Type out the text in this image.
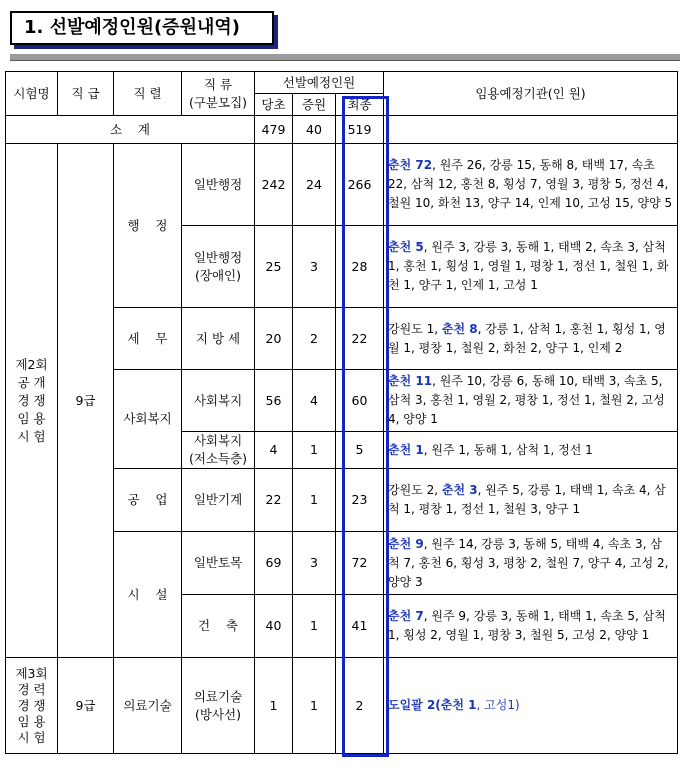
1. 선발예정인원(증원내역)
시험명	직 급	직 렬	직 류
(구분모집)	선발예정인원			임용예정기관(인 원)
				당초	증원	최종	
소    계				479	40	519	
제2회
공 개
경 쟁
임 용
시 험	9급	행    정	일반행정	242	24	266	춘천 72, 원주 26, 강릉 15, 동해 8, 태백 17, 속초 22, 삼척 12, 홍천 8, 횡성 7, 영월 3, 평창 5, 정선 4, 철원 10, 화천 13, 양구 14, 인제 10, 고성 15, 양양 5
			일반행정
(장애인)	25	3	28	춘천 5, 원주 3, 강릉 3, 동해 1, 태백 2, 속초 3, 삼척 1, 홍천 1, 횡성 1, 영월 1, 평창 1, 정선 1, 철원 1, 화천 1, 양구 1, 인제 1, 고성 1
		세    무	지 방 세	20	2	22	강원도 1, 춘천 8, 강릉 1, 삼척 1, 홍천 1, 횡성 1, 영월 1, 평창 1, 철원 2, 화천 2, 양구 1, 인제 2
		사회복지	사회복지	56	4	60	춘천 11, 원주 10, 강릉 6, 동해 10, 태백 3, 속초 5, 삼척 3, 홍천 1, 영월 2, 평창 1, 정선 1, 철원 2, 고성 4, 양양 1
			사회복지
(저소득층)	4	1	5	춘천 1, 원주 1, 동해 1, 삼척 1, 정선 1
		공    업	일반기계	22	1	23	강원도 2, 춘천 3, 원주 5, 강릉 1, 태백 1, 속초 4, 삼척 1, 평창 1, 정선 1, 철원 3, 양구 1
		시    설	일반토목	69	3	72	춘천 9, 원주 14, 강릉 3, 동해 5, 태백 4, 속초 3, 삼척 7, 홍천 6, 횡성 3, 평창 2, 철원 7, 양구 4, 고성 2, 양양 3
			건    축	40	1	41	춘천 7, 원주 9, 강릉 3, 동해 1, 태백 1, 속초 5, 삼척 1, 횡성 2, 영월 1, 평창 3, 철원 5, 고성 2, 양양 1
제3회
경 력
경 쟁
임 용
시 험	9급	의료기술	의료기술
(방사선)	1	1	2	도일괄 2(춘천 1, 고성1)
